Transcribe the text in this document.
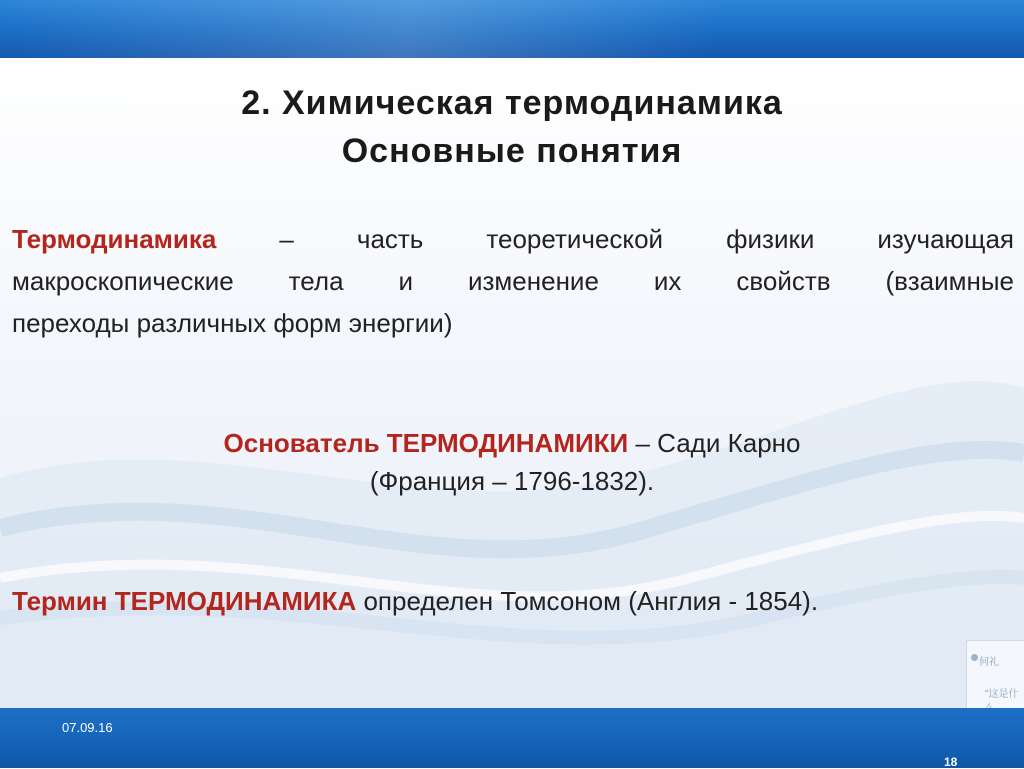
2. Химическая термодинамика
Основные понятия

Термодинамика – часть теоретической физики изучающая
макроскопические тела и изменение их свойств (взаимные
переходы различных форм энергии)

Основатель ТЕРМОДИНАМИКИ – Сади Карно

(Франция – 1796-1832).

Термин ТЕРМОДИНАМИКА определен Томсоном (Англия - 1854).

何礼
"这是什
07.09.16
18
